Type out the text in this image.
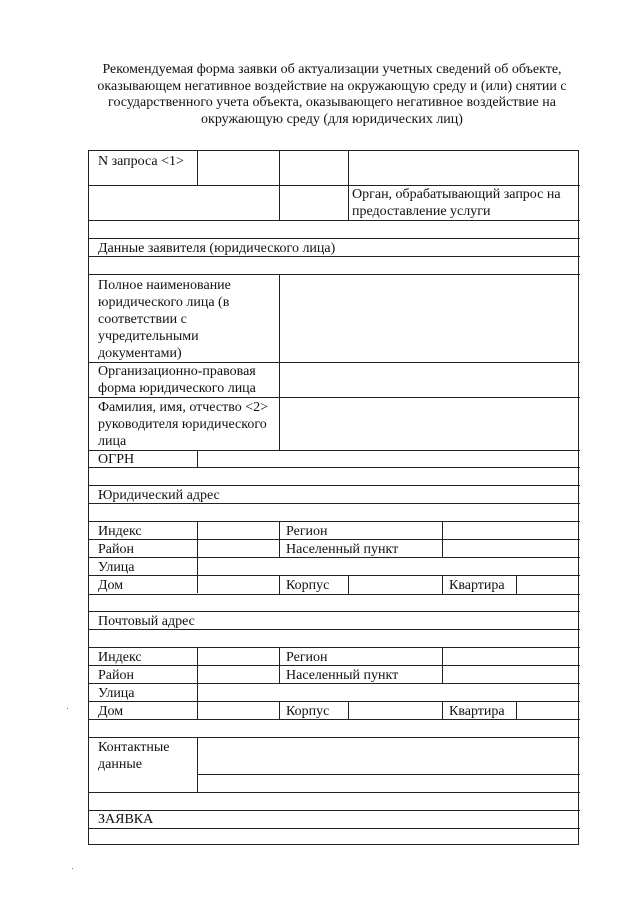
Рекомендуемая форма заявки об актуализации учетных сведений об объекте, оказывающем негативное воздействие на окружающую среду и (или) снятии с государственного учета объекта, оказывающего негативное воздействие на окружающую среду (для юридических лиц)
N запроса <1>
Орган, обрабатывающий запрос на предоставление услуги
Данные заявителя (юридического лица)
Полное наименование юридического лица (в соответствии с учредительными документами)
Организационно-правовая форма юридического лица
Фамилия, имя, отчество <2> руководителя юридического лица
ОГРН
Юридический адрес
Индекс	Регион
Район	Населенный пункт
Улица
Дом	Корпус	Квартира
Почтовый адрес
Индекс	Регион
Район	Населенный пункт
Улица
Дом	Корпус	Квартира
Контактные данные
ЗАЯВКА
